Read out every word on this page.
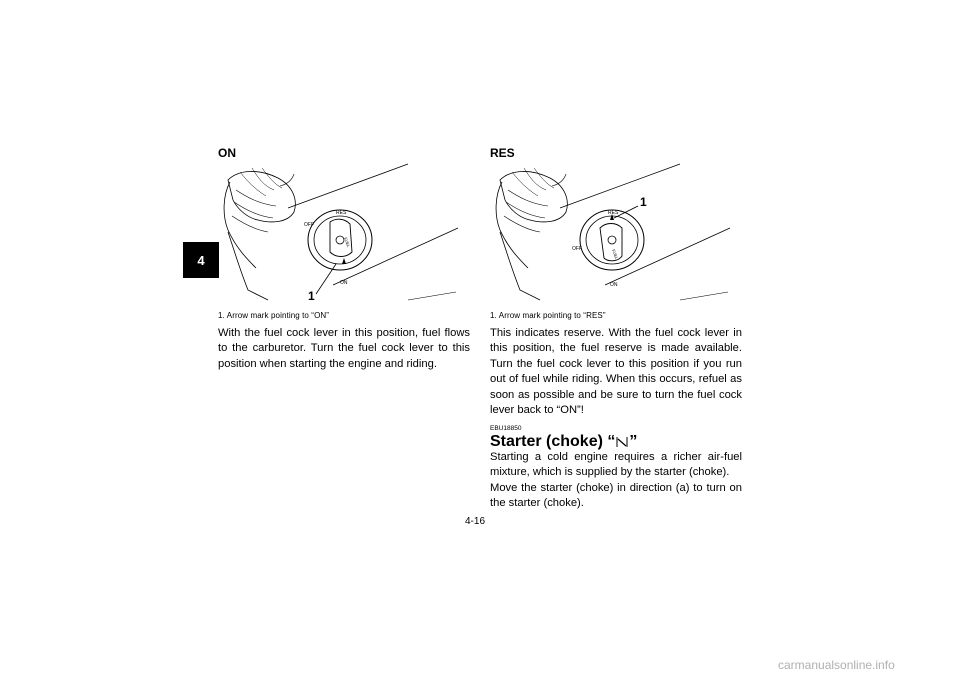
4
ON
OFF
RES
ON
FUEL
1
1. Arrow mark pointing to “ON”
With the fuel cock lever in this position, fuel flows to the carburetor. Turn the fuel cock lever to this position when starting the engine and riding.
RES
OFF
RES
ON
FUEL
1
1. Arrow mark pointing to “RES”
This indicates reserve. With the fuel cock lever in this position, the fuel reserve is made available. Turn the fuel cock lever to this position if you run out of fuel while riding. When this occurs, refuel as soon as possible and be sure to turn the fuel cock lever back to “ON”!
EBU18850
Starter (choke) “ ”
Starting a cold engine requires a richer air-fuel mixture, which is supplied by the starter (choke).
Move the starter (choke) in direction (a) to turn on the starter (choke).
4-16
carmanualsonline.info
